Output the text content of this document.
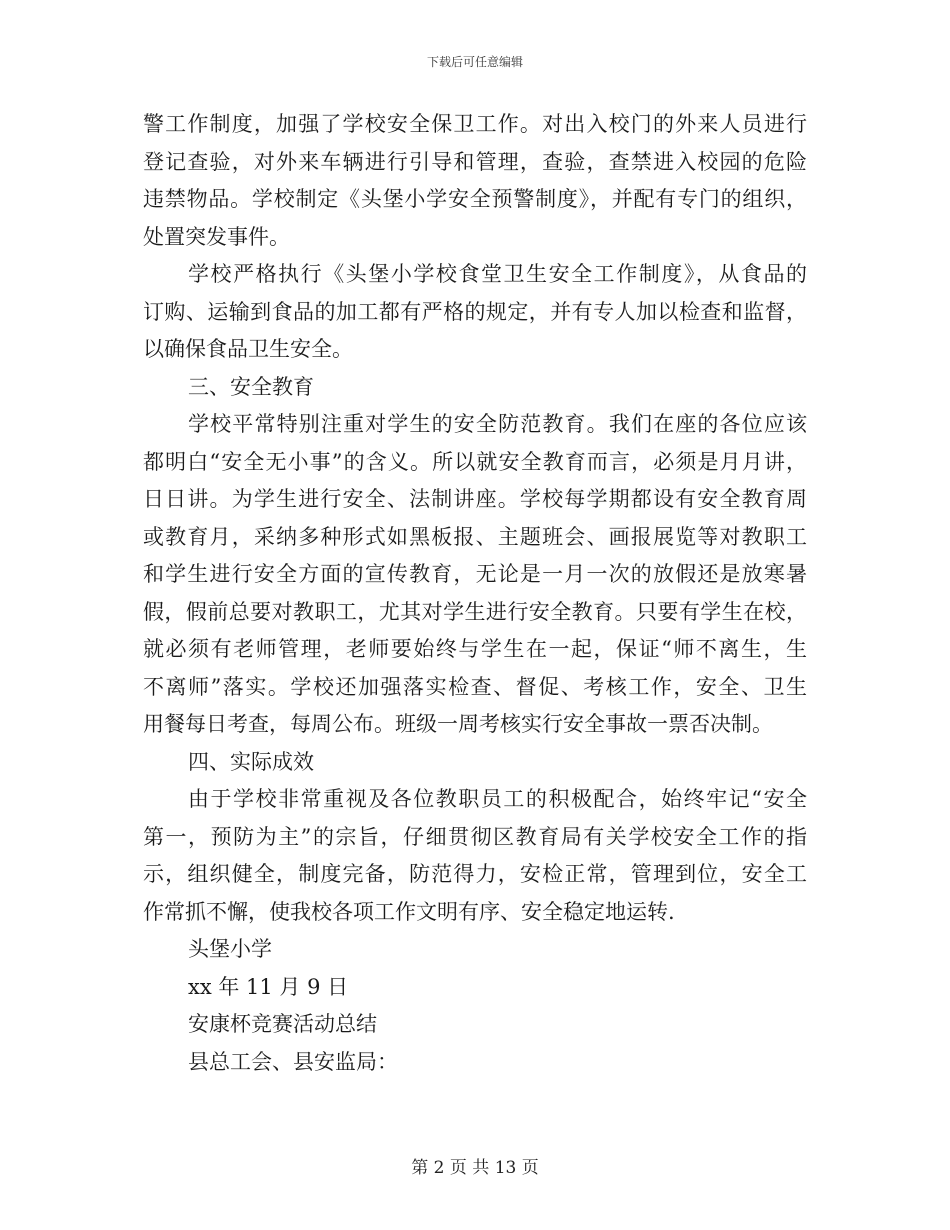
下载后可任意编辑
警工作制度，加强了学校安全保卫工作。对出入校门的外来人员进行
登记查验，对外来车辆进行引导和管理，查验，查禁进入校园的危险
违禁物品。学校制定《头堡小学安全预警制度》，并配有专门的组织，
处置突发事件。
学校严格执行《头堡小学校食堂卫生安全工作制度》，从食品的
订购、运输到食品的加工都有严格的规定，并有专人加以检查和监督，
以确保食品卫生安全。
三、安全教育
学校平常特别注重对学生的安全防范教育。我们在座的各位应该
都明白“安全无小事”的含义。所以就安全教育而言，必须是月月讲，
日日讲。为学生进行安全、法制讲座。学校每学期都设有安全教育周
或教育月，采纳多种形式如黑板报、主题班会、画报展览等对教职工
和学生进行安全方面的宣传教育，无论是一月一次的放假还是放寒暑
假，假前总要对教职工，尤其对学生进行安全教育。只要有学生在校，
就必须有老师管理，老师要始终与学生在一起，保证“师不离生，生
不离师”落实。学校还加强落实检查、督促、考核工作，安全、卫生
用餐每日考查，每周公布。班级一周考核实行安全事故一票否决制。
四、实际成效
由于学校非常重视及各位教职员工的积极配合，始终牢记“安全
第一，预防为主”的宗旨，仔细贯彻区教育局有关学校安全工作的指
示，组织健全，制度完备，防范得力，安检正常，管理到位，安全工
作常抓不懈，使我校各项工作文明有序、安全稳定地运转.
头堡小学
xx 年 11 月 9 日
安康杯竞赛活动总结
县总工会、县安监局：
第 2 页 共 13 页
